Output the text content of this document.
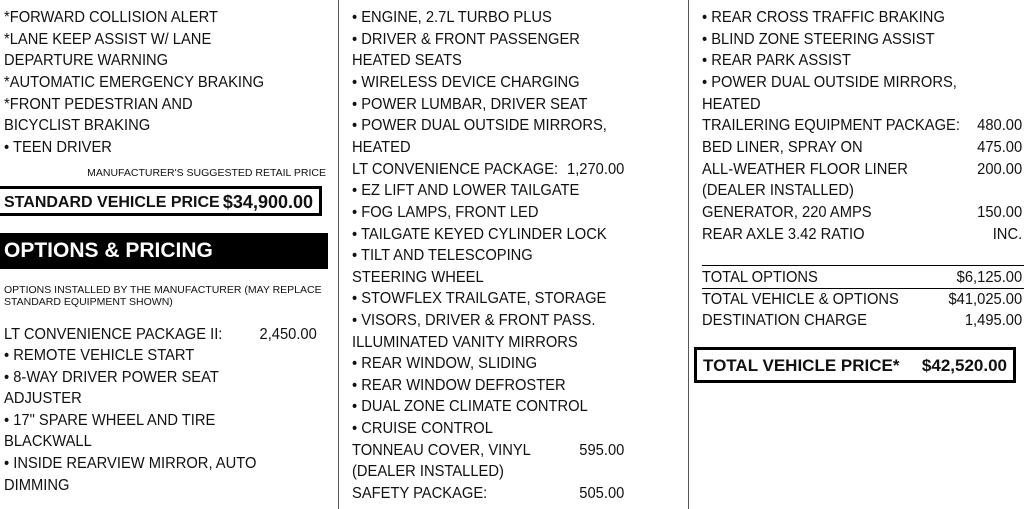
*FORWARD COLLISION ALERT
*LANE KEEP ASSIST W/ LANE
DEPARTURE WARNING
*AUTOMATIC EMERGENCY BRAKING
*FRONT PEDESTRIAN AND
BICYCLIST BRAKING
• TEEN DRIVER
MANUFACTURER'S SUGGESTED RETAIL PRICE
STANDARD VEHICLE PRICE $34,900.00
OPTIONS & PRICING
OPTIONS INSTALLED BY THE MANUFACTURER (MAY REPLACE
STANDARD EQUIPMENT SHOWN)
LT CONVENIENCE PACKAGE II: 2,450.00
• REMOTE VEHICLE START
• 8-WAY DRIVER POWER SEAT
ADJUSTER
• 17" SPARE WHEEL AND TIRE
BLACKWALL
• INSIDE REARVIEW MIRROR, AUTO
DIMMING
• ENGINE, 2.7L TURBO PLUS
• DRIVER & FRONT PASSENGER
HEATED SEATS
• WIRELESS DEVICE CHARGING
• POWER LUMBAR, DRIVER SEAT
• POWER DUAL OUTSIDE MIRRORS,
HEATED
LT CONVENIENCE PACKAGE: 1,270.00
• EZ LIFT AND LOWER TAILGATE
• FOG LAMPS, FRONT LED
• TAILGATE KEYED CYLINDER LOCK
• TILT AND TELESCOPING
STEERING WHEEL
• STOWFLEX TRAILGATE, STORAGE
• VISORS, DRIVER & FRONT PASS.
ILLUMINATED VANITY MIRRORS
• REAR WINDOW, SLIDING
• REAR WINDOW DEFROSTER
• DUAL ZONE CLIMATE CONTROL
• CRUISE CONTROL
TONNEAU COVER, VINYL	595.00
(DEALER INSTALLED)
SAFETY PACKAGE:	505.00
• REAR CROSS TRAFFIC BRAKING
• BLIND ZONE STEERING ASSIST
• REAR PARK ASSIST
• POWER DUAL OUTSIDE MIRRORS,
HEATED
TRAILERING EQUIPMENT PACKAGE: 480.00
BED LINER, SPRAY ON	475.00
ALL-WEATHER FLOOR LINER	200.00
(DEALER INSTALLED)
GENERATOR, 220 AMPS	150.00
REAR AXLE 3.42 RATIO	INC.
TOTAL OPTIONS	$6,125.00
TOTAL VEHICLE & OPTIONS	$41,025.00
DESTINATION CHARGE	1,495.00
TOTAL VEHICLE PRICE* $42,520.00
